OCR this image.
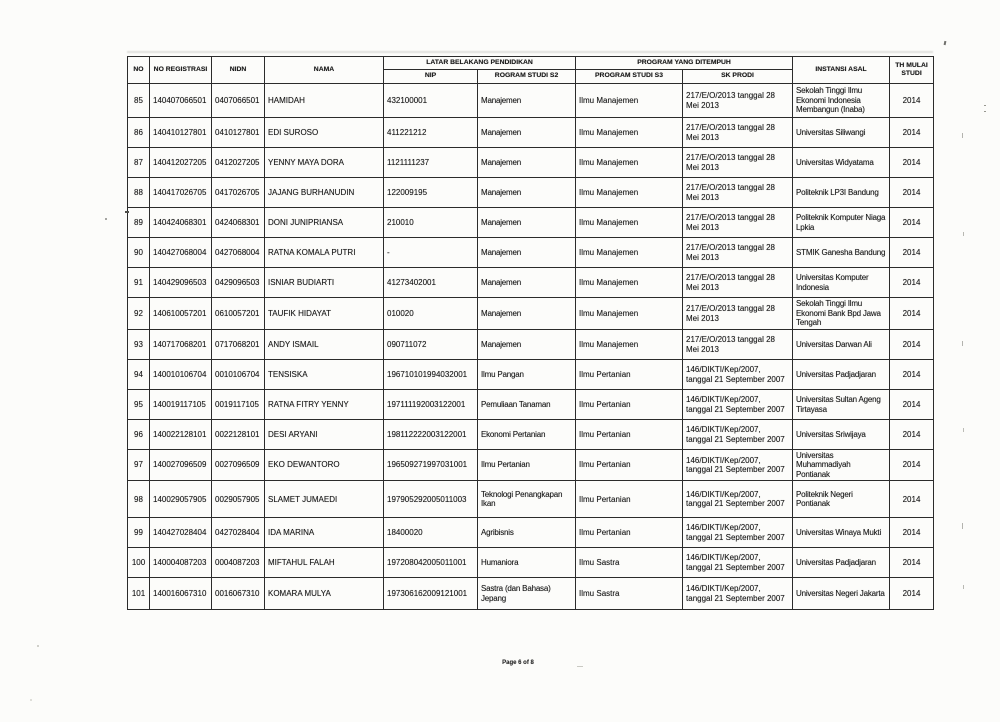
NO	NO REGISTRASI	NIDN	NAMA	LATAR BELAKANG PENDIDIKAN		PROGRAM YANG DITEMPUH		INSTANSI ASAL	TH MULAI STUDI
				NIP	ROGRAM STUDI S2	PROGRAM STUDI S3	SK PRODI		
85	140407066501	0407066501	HAMIDAH	432100001	Manajemen	Ilmu Manajemen	217/E/O/2013 tanggal 28 Mei 2013	Sekolah Tinggi Ilmu Ekonomi Indonesia Membangun (Inaba)	2014
86	140410127801	0410127801	EDI SUROSO	411221212	Manajemen	Ilmu Manajemen	217/E/O/2013 tanggal 28 Mei 2013	Universitas Siliwangi	2014
87	140412027205	0412027205	YENNY MAYA DORA	1121111237	Manajemen	Ilmu Manajemen	217/E/O/2013 tanggal 28 Mei 2013	Universitas Widyatama	2014
88	140417026705	0417026705	JAJANG BURHANUDIN	122009195	Manajemen	Ilmu Manajemen	217/E/O/2013 tanggal 28 Mei 2013	Politeknik LP3I Bandung	2014
89	140424068301	0424068301	DONI JUNIPRIANSA	210010	Manajemen	Ilmu Manajemen	217/E/O/2013 tanggal 28 Mei 2013	Politeknik Komputer Niaga Lpkia	2014
90	140427068004	0427068004	RATNA KOMALA PUTRI	-	Manajemen	Ilmu Manajemen	217/E/O/2013 tanggal 28 Mei 2013	STMIK Ganesha Bandung	2014
91	140429096503	0429096503	ISNIAR BUDIARTI	41273402001	Manajemen	Ilmu Manajemen	217/E/O/2013 tanggal 28 Mei 2013	Universitas Komputer Indonesia	2014
92	140610057201	0610057201	TAUFIK HIDAYAT	010020	Manajemen	Ilmu Manajemen	217/E/O/2013 tanggal 28 Mei 2013	Sekolah Tinggi Ilmu Ekonomi Bank Bpd Jawa Tengah	2014
93	140717068201	0717068201	ANDY ISMAIL	090711072	Manajemen	Ilmu Manajemen	217/E/O/2013 tanggal 28 Mei 2013	Universitas Darwan Ali	2014
94	140010106704	0010106704	TENSISKA	196710101994032001	Ilmu Pangan	Ilmu Pertanian	146/DIKTI/Kep/2007, tanggal 21 September 2007	Universitas Padjadjaran	2014
95	140019117105	0019117105	RATNA FITRY YENNY	197111192003122001	Pemuliaan Tanaman	Ilmu Pertanian	146/DIKTI/Kep/2007, tanggal 21 September 2007	Universitas Sultan Ageng Tirtayasa	2014
96	140022128101	0022128101	DESI ARYANI	198112222003122001	Ekonomi Pertanian	Ilmu Pertanian	146/DIKTI/Kep/2007, tanggal 21 September 2007	Universitas Sriwijaya	2014
97	140027096509	0027096509	EKO DEWANTORO	196509271997031001	Ilmu Pertanian	Ilmu Pertanian	146/DIKTI/Kep/2007, tanggal 21 September 2007	Universitas Muhammadiyah Pontianak	2014
98	140029057905	0029057905	SLAMET JUMAEDI	197905292005011003	Teknologi Penangkapan Ikan	Ilmu Pertanian	146/DIKTI/Kep/2007, tanggal 21 September 2007	Politeknik Negeri Pontianak	2014
99	140427028404	0427028404	IDA MARINA	18400020	Agribisnis	Ilmu Pertanian	146/DIKTI/Kep/2007, tanggal 21 September 2007	Universitas Winaya Mukti	2014
100	140004087203	0004087203	MIFTAHUL FALAH	197208042005011001	Humaniora	Ilmu Sastra	146/DIKTI/Kep/2007, tanggal 21 September 2007	Universitas Padjadjaran	2014
101	140016067310	0016067310	KOMARA MULYA	197306162009121001	Sastra (dan Bahasa) Jepang	Ilmu Sastra	146/DIKTI/Kep/2007, tanggal 21 September 2007	Universitas Negeri Jakarta	2014
Page 6 of 8
